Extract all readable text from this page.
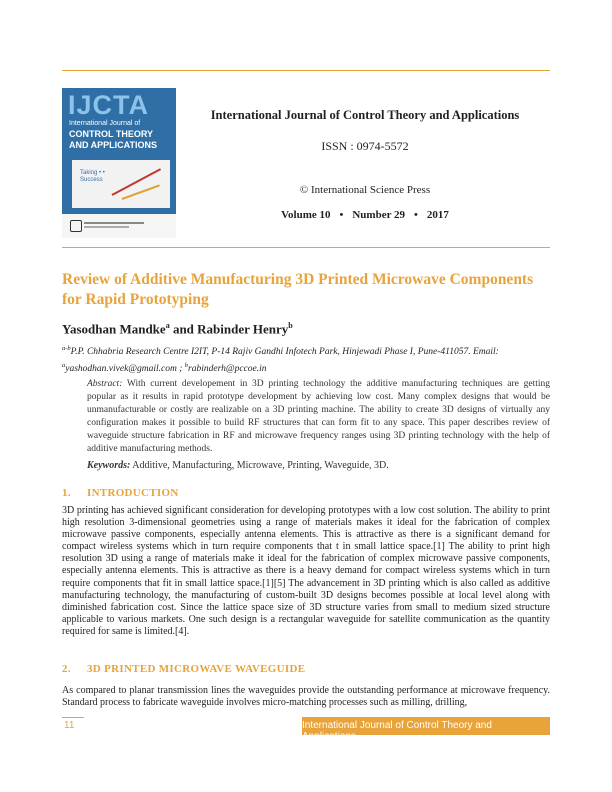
IJCTA
International Journal of
CONTROL THEORY
AND APPLICATIONS
Taking • • Success
International Journal of Control Theory and Applications
ISSN : 0974-5572
© International Science Press
Volume 10 • Number 29 • 2017
Review of Additive Manufacturing 3D Printed Microwave Components for Rapid Prototyping
Yasodhan Mandke$^a$ and Rabinder Henry$^b$
$^{a-b}$P.P. Chhabria Research Centre I2IT, P-14 Rajiv Gandhi Infotech Park, Hinjewadi Phase I, Pune-411057. Email: $^a$yashodhan.vivek@gmail.com ; $^b$rabinderh@pccoe.in
Abstract: With current developement in 3D printing technology the additive manufacturing techniques are getting popular as it results in rapid prototype development by achieving low cost. Many complex designs that would be unmanufacturable or costly are realizable on a 3D printing machine. The ability to create 3D designs of virtually any configuration makes it possible to build RF structures that can form fit to any space. This paper describes review of waveguide structure fabrication in RF and microwave frequency ranges using 3D printing technology with the help of additive manufacturing methods.
Keywords: Additive, Manufacturing, Microwave, Printing, Waveguide, 3D.
1. INTRODUCTION
3D printing has achieved significant consideration for developing prototypes with a low cost solution. The ability to print high resolution 3-dimensional geometries using a range of materials makes it ideal for the fabrication of complex microwave passive components, especially antenna elements. This is attractive as there is a significant demand for compact wireless systems which in turn require components that t in small lattice space.[1] The ability to print high resolution 3D using a range of materials make it ideal for the fabrication of complex microwave passive components, especially antenna elements. This is attractive as there is a heavy demand for compact wireless systems which in turn require components that fit in small lattice space.[1][5] The advancement in 3D printing which is also called as additive manufacturing technology, the manufacturing of custom-built 3D designs becomes possible at local level along with diminished fabrication cost. Since the lattice space size of 3D structure varies from small to medium sized structure applicable to various markets. One such design is a rectangular waveguide for satellite communication as the quantity required for same is limited.[4].
2. 3D PRINTED MICROWAVE WAVEGUIDE
As compared to planar transmission lines the waveguides provide the outstanding performance at microwave frequency. Standard process to fabricate waveguide involves micro-matching processes such as milling, drilling,
11	International Journal of Control Theory and Applications
